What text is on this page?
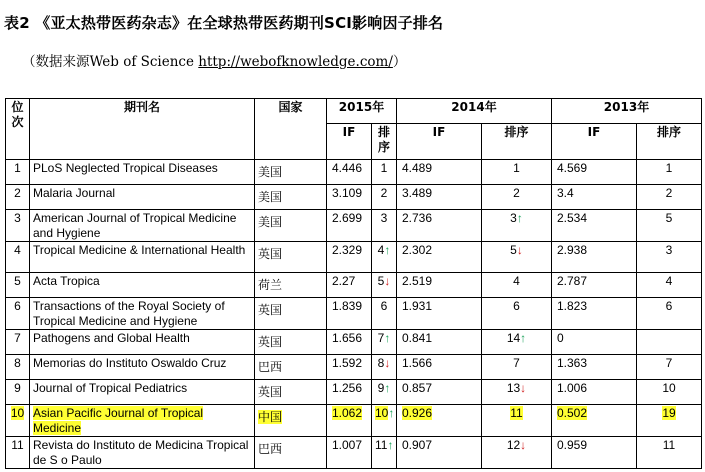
表2 《亚太热带医药杂志》在全球热带医药期刊SCI影响因子排名
（数据来源Web of Science http://webofknowledge.com/）
位次	期刊名	国家	2015年		2014年		2013年	
			IF	排序	IF	排序	IF	排序
1	PLoS Neglected Tropical Diseases	美国	4.446	1	4.489	1	4.569	1
2	Malaria Journal	美国	3.109	2	3.489	2	3.4	2
3	American Journal of Tropical Medicine and Hygiene	美国	2.699	3	2.736	3↑	2.534	5
4	Tropical Medicine & International Health	英国	2.329	4↑	2.302	5↓	2.938	3
5	Acta Tropica	荷兰	2.27	5↓	2.519	4	2.787	4
6	Transactions of the Royal Society of Tropical Medicine and Hygiene	英国	1.839	6	1.931	6	1.823	6
7	Pathogens and Global Health	英国	1.656	7↑	0.841	14↑	0	
8	Memorias do Instituto Oswaldo Cruz	巴西	1.592	8↓	1.566	7	1.363	7
9	Journal of Tropical Pediatrics	英国	1.256	9↑	0.857	13↓	1.006	10
10	Asian Pacific Journal of Tropical Medicine	中国	1.062	10↑	0.926	11	0.502	19
11	Revista do Instituto de Medicina Tropical de S o Paulo	巴西	1.007	11↑	0.907	12↓	0.959	11
